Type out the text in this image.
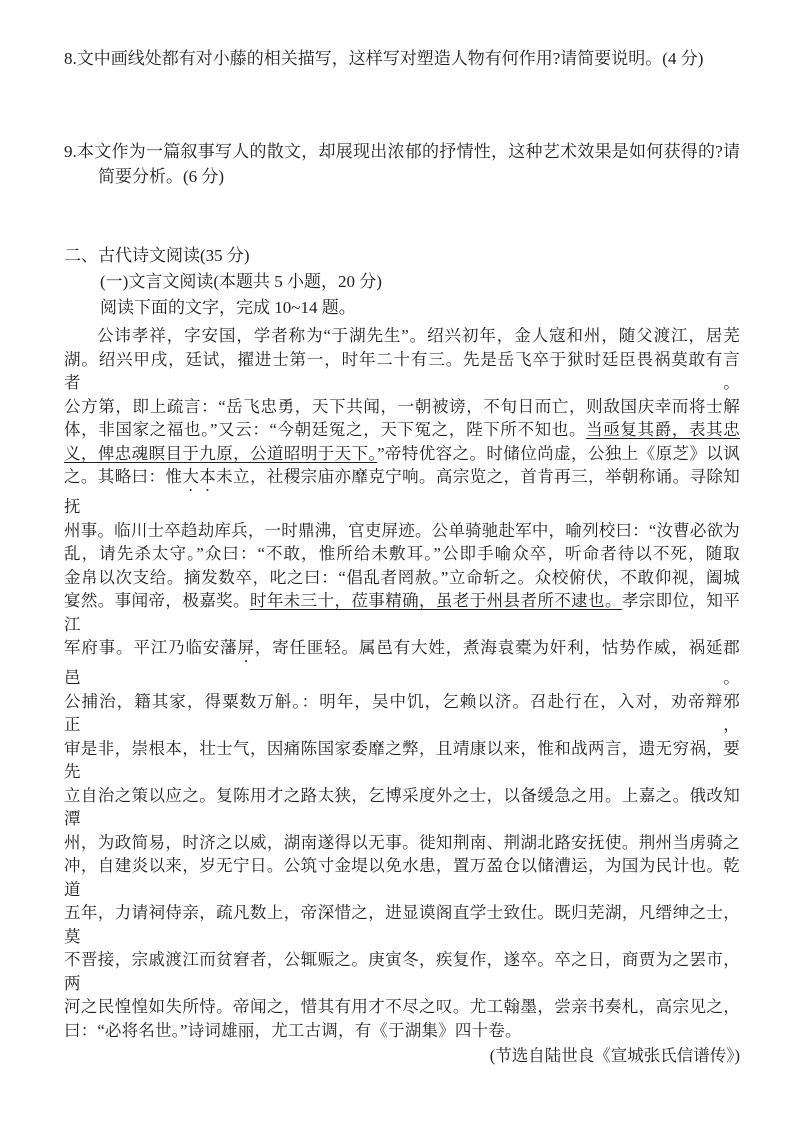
8.文中画线处都有对小藤的相关描写，这样写对塑造人物有何作用?请简要说明。(4 分)
9.本文作为一篇叙事写人的散文，却展现出浓郁的抒情性，这种艺术效果是如何获得的?请
简要分析。(6 分)
二、古代诗文阅读(35 分)
(一)文言文阅读(本题共 5 小题，20 分)
阅读下面的文字，完成 10~14 题。
公讳孝祥，字安国，学者称为“于湖先生”。绍兴初年，金人寇和州，随父渡江，居芜
湖。绍兴甲戌，廷试，擢进士第一，时年二十有三。先是岳飞卒于狱时廷臣畏祸莫敢有言者。
公方第，即上疏言：“岳飞忠勇，天下共闻，一朝被谤，不旬日而亡，则敌国庆幸而将士解
体，非国家之福也。”又云：“今朝廷冤之，天下冤之，陛下所不知也。当亟复其爵，表其忠
义，俾忠魂瞑目于九原，公道昭明于天下。”帝特优容之。时储位尚虚，公独上《原芝》以讽
之。其略曰：惟大本未立，社稷宗庙亦靡克宁响。高宗览之，首肯再三，举朝称诵。寻除知抚
州事。临川士卒趋劫库兵，一时鼎沸，官吏屏迹。公单骑驰赴军中，喻列校曰：“汝曹必欲为
乱，请先杀太守。”众曰：“不敢，惟所给未敷耳。”公即手喻众卒，听命者待以不死，随取
金帛以次支给。摘发数卒，叱之曰：“倡乱者罔赦。”立命斩之。众校俯伏，不敢仰视，阖城
宴然。事闻帝，极嘉奖。时年未三十，莅事精确，虽老于州县者所不逮也。孝宗即位，知平江
军府事。平江乃临安藩屏，寄任匪轻。属邑有大姓，煮海袁橐为奸利，怙势作威，祸延郡邑。
公捕治，籍其家，得粟数万斛。：明年，吴中饥，乞赖以济。召赴行在，入对，劝帝辩邪正，
审是非，崇根本，壮士气，因痛陈国家委靡之弊，且靖康以来，惟和战两言，遗无穷祸，要先
立自治之策以应之。复陈用才之路太狭，乞博采度外之士，以备缓急之用。上嘉之。俄改知潭
州，为政简易，时济之以威，湖南遂得以无事。徙知荆南、荆湖北路安抚使。荆州当虏骑之
冲，自建炎以来，岁无宁日。公筑寸金堤以免水患，置万盈仓以储漕运，为国为民计也。乾道
五年，力请祠侍亲，疏凡数上，帝深惜之，进显谟阁直学士致仕。既归芜湖，凡缙绅之士，莫
不晋接，宗戚渡江而贫窘者，公辄赈之。庚寅冬，疾复作，遂卒。卒之日，商贾为之罢市，两
河之民惶惶如失所恃。帝闻之，惜其有用才不尽之叹。尤工翰墨，尝亲书奏札，高宗见之，
曰：“必将名世。”诗词雄丽，尤工古调，有《于湖集》四十卷。
(节选自陆世良《宣城张氏信谱传》)
